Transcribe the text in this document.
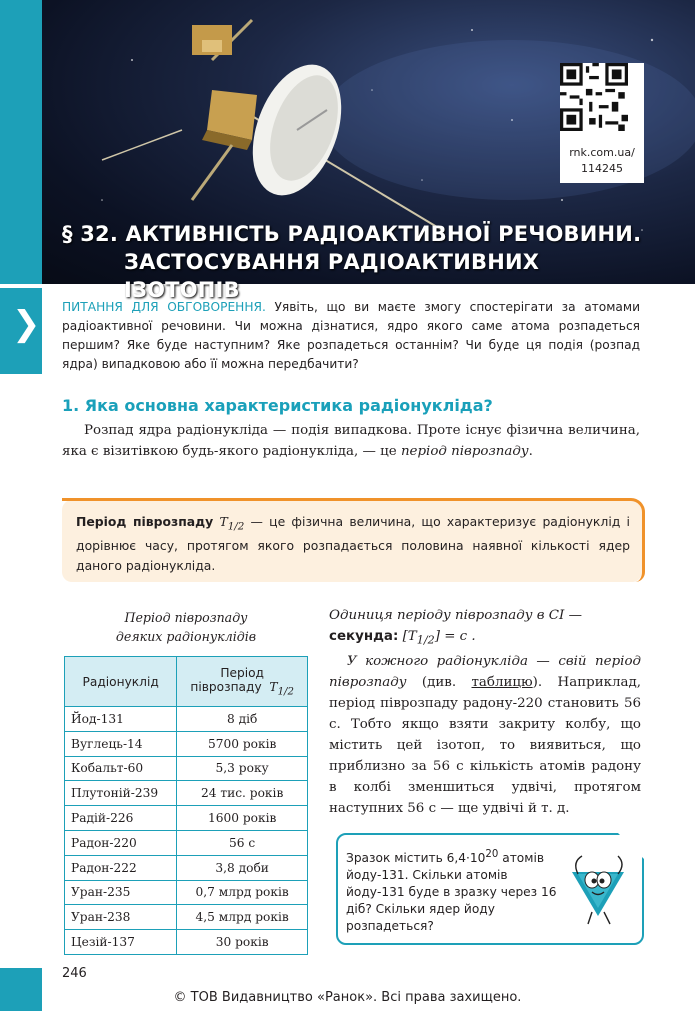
❯
rnk.com.ua/
114245
§ 32. АКТИВНІСТЬ РАДІОАКТИВНОЇ РЕЧОВИНИ.
ЗАСТОСУВАННЯ РАДІОАКТИВНИХ ІЗОТОПІВ
ПИТАННЯ ДЛЯ ОБГОВОРЕННЯ. Уявіть, що ви маєте змогу спостерігати за атомами радіоактивної речовини. Чи можна дізнатися, ядро якого саме атома розпадеться першим? Яке буде наступним? Яке розпадеться останнім? Чи буде ця подія (розпад ядра) випадковою або її можна передбачити?
1. Яка основна характеристика радіонукліда?
Розпад ядра радіонукліда — подія випадкова. Проте існує фізична величина, яка є візитівкою будь-якого радіонукліда, — це період піврозпаду.
Період піврозпаду $T_{1/2}$ — це фізична величина, що характеризує радіонуклід і дорівнює часу, протягом якого розпадається половина наявної кількості ядер даного радіонукліда.
Період піврозпаду
деяких радіонуклідів
Радіонуклід	Період
піврозпаду $T_{1/2}$

Йод-131	8 діб
Вуглець-14	5700 років
Кобальт-60	5,3 року
Плутоній-239	24 тис. років
Радій-226	1600 років
Радон-220	56 с
Радон-222	3,8 доби
Уран-235	0,7 млрд років
Уран-238	4,5 млрд років
Цезій-137	30 років

Одиниця періоду піврозпаду в СІ —
секунда: $[T_{1/2}] = с$ .

У кожного радіонукліда — свій період піврозпаду (див. таблицю). Наприклад, період піврозпаду радону-220 становить 56 с. Тобто якщо взяти закриту колбу, що містить цей ізотоп, то виявиться, що приблизно за 56 с кількість атомів радону в колбі зменшиться удвічі, протягом наступних 56 с — ще удвічі й т. д.

Зразок містить $6,4\cdot 10^{20}$ атомів йоду-131. Скільки атомів йоду-131 буде в зразку через 16 діб? Скільки ядер йоду розпадеться?
246
© ТОВ Видавництво «Ранок». Всі права захищено.
